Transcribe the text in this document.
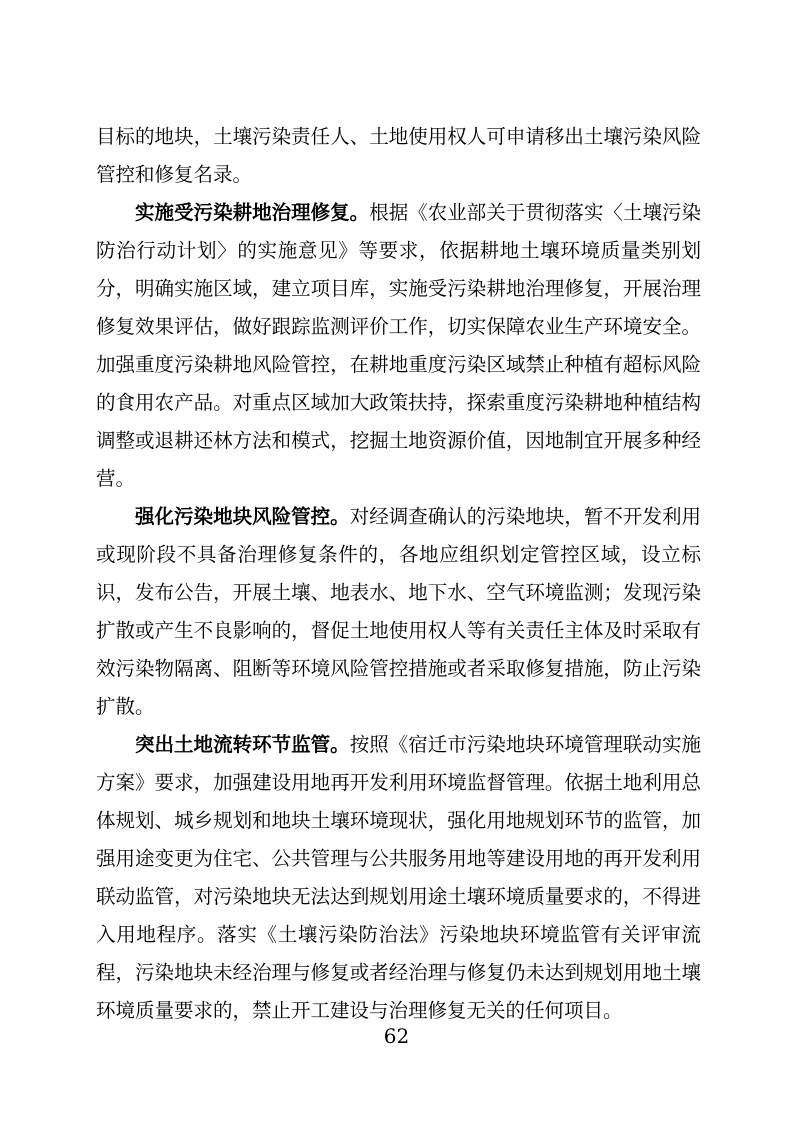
目标的地块，土壤污染责任人、土地使用权人可申请移出土壤污染风险管控和修复名录。

实施受污染耕地治理修复。根据《农业部关于贯彻落实〈土壤污染防治行动计划〉的实施意见》等要求，依据耕地土壤环境质量类别划分，明确实施区域，建立项目库，实施受污染耕地治理修复，开展治理修复效果评估，做好跟踪监测评价工作，切实保障农业生产环境安全。加强重度污染耕地风险管控，在耕地重度污染区域禁止种植有超标风险的食用农产品。对重点区域加大政策扶持，探索重度污染耕地种植结构调整或退耕还林方法和模式，挖掘土地资源价值，因地制宜开展多种经营。

强化污染地块风险管控。对经调查确认的污染地块，暂不开发利用或现阶段不具备治理修复条件的，各地应组织划定管控区域，设立标识，发布公告，开展土壤、地表水、地下水、空气环境监测；发现污染扩散或产生不良影响的，督促土地使用权人等有关责任主体及时采取有效污染物隔离、阻断等环境风险管控措施或者采取修复措施，防止污染扩散。

突出土地流转环节监管。按照《宿迁市污染地块环境管理联动实施方案》要求，加强建设用地再开发利用环境监督管理。依据土地利用总体规划、城乡规划和地块土壤环境现状，强化用地规划环节的监管，加强用途变更为住宅、公共管理与公共服务用地等建设用地的再开发利用联动监管，对污染地块无法达到规划用途土壤环境质量要求的，不得进入用地程序。落实《土壤污染防治法》污染地块环境监管有关评审流程，污染地块未经治理与修复或者经治理与修复仍未达到规划用地土壤环境质量要求的，禁止开工建设与治理修复无关的任何项目。

62
